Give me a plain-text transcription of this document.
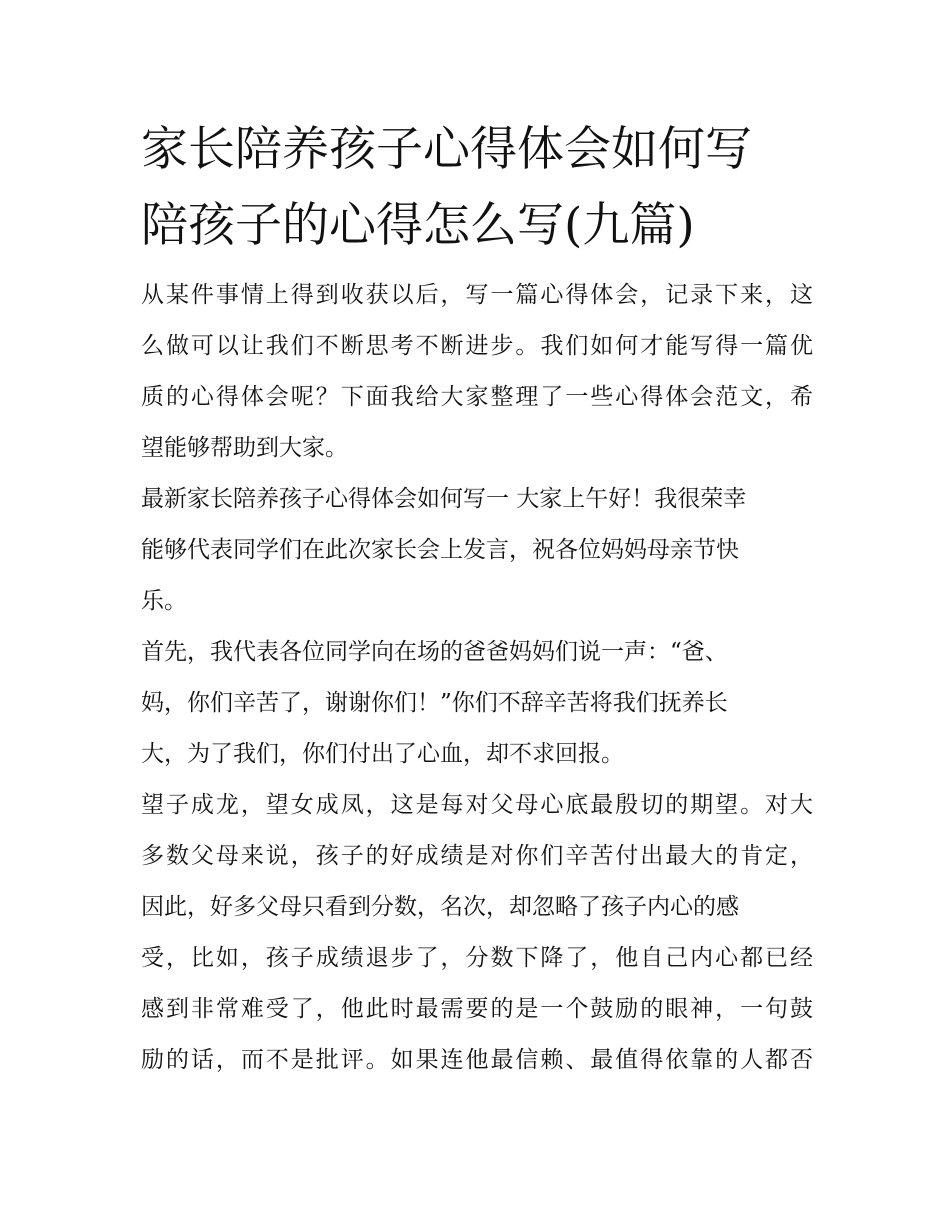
家长陪养孩子心得体会如何写
陪孩子的心得怎么写(九篇)
从某件事情上得到收获以后，写一篇心得体会，记录下来，这
么做可以让我们不断思考不断进步。我们如何才能写得一篇优
质的心得体会呢？下面我给大家整理了一些心得体会范文，希
望能够帮助到大家。
最新家长陪养孩子心得体会如何写一 大家上午好！我很荣幸
能够代表同学们在此次家长会上发言，祝各位妈妈母亲节快
乐。
首先，我代表各位同学向在场的爸爸妈妈们说一声：“爸、
妈，你们辛苦了，谢谢你们！”你们不辞辛苦将我们抚养长
大，为了我们，你们付出了心血，却不求回报。
望子成龙，望女成凤，这是每对父母心底最殷切的期望。对大
多数父母来说，孩子的好成绩是对你们辛苦付出最大的肯定，
因此，好多父母只看到分数，名次，却忽略了孩子内心的感
受，比如，孩子成绩退步了，分数下降了，他自己内心都已经
感到非常难受了，他此时最需要的是一个鼓励的眼神，一句鼓
励的话，而不是批评。如果连他最信赖、最值得依靠的人都否
